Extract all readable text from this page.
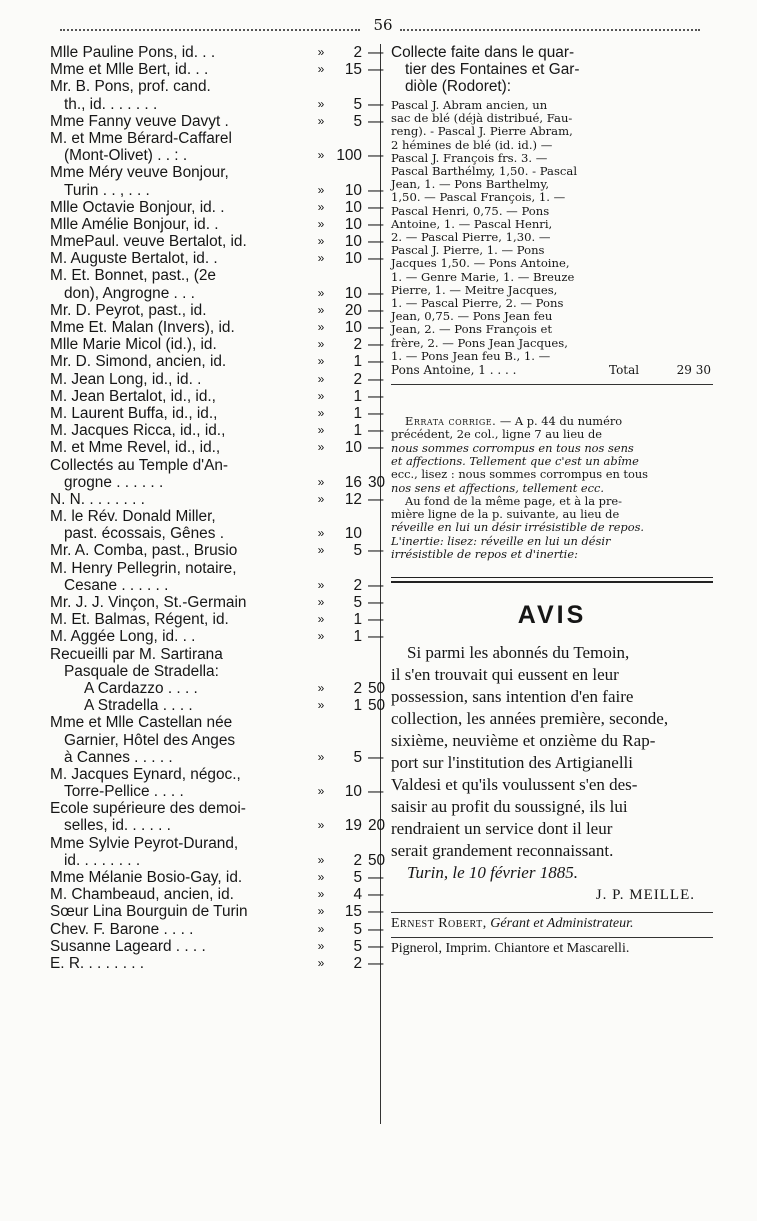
56
Mlle Pauline Pons, id. . .	»	2 —
Mme et Mlle Bert, id. . .	»	15 —
Mr. B. Pons, prof. cand.
th., id. . . . . . .	»	5 —
Mme Fanny veuve Davyt .	»	5 —
M. et Mme Bérard-Caffarel
(Mont-Olivet) . . : .	» 100 —
Mme Méry veuve Bonjour,
Turin . . , . . .	»	10 —
Mlle Octavie Bonjour, id. .	»	10 —
Mlle Amélie Bonjour, id. .	»	10 —
MmePaul. veuve Bertalot, id.	»	10 —
M. Auguste Bertalot, id. .	»	10 —
M. Et. Bonnet, past., (2e
don), Angrogne . . .	»	10 —
Mr. D. Peyrot, past., id.	»	20 —
Mme Et. Malan (Invers), id.	»	10 —
Mlle Marie Micol (id.), id.	»	2 —
Mr. D. Simond, ancien, id.	»	1 —
M. Jean Long, id., id. .	»	2 —
M. Jean Bertalot, id., id.,	»	1 —
M. Laurent Buffa, id., id.,	»	1 —
M. Jacques Ricca, id., id.,	»	1 —
M. et Mme Revel, id., id.,	»	10 —
Collectés au Temple d'An-
grogne . . . . . .	»	16 30
N. N. . . . . . . .	»	12 —
M. le Rév. Donald Miller,
past. écossais, Gênes .	»	10
Mr. A. Comba, past., Brusio	»	5 —
M. Henry Pellegrin, notaire,
Cesane . . . . . .	»	2 —
Mr. J. J. Vinçon, St.-Germain	»	5 —
M. Et. Balmas, Régent, id.	»	1 —
M. Aggée Long, id. . .	»	1 —
Recueilli par M. Sartirana
Pasquale de Stradella:
A Cardazzo . . . .	»	2 50
A Stradella . . . .	»	1 50
Mme et Mlle Castellan née
Garnier, Hôtel des Anges
à Cannes . . . . .	»	5 —
M. Jacques Eynard, négoc.,
Torre-Pellice . . . .	»	10 —
Ecole supérieure des demoi-
selles, id. . . . . .	»	19 20
Mme Sylvie Peyrot-Durand,
id. . . . . . . .	»	2 50
Mme Mélanie Bosio-Gay, id.	»	5 —
M. Chambeaud, ancien, id.	»	4 —
Sœur Lina Bourguin de Turin	»	15 —
Chev. F. Barone . . . .	»	5 —
Susanne Lageard . . . .	»	5 —
E. R. . . . . . . .	»	2 —
Collecte faite dans le quar-
tier des Fontaines et Gar-
diòle (Rodoret):
Pascal J. Abram ancien, un
sac de blé (déjà distribué, Fau-
reng). - Pascal J. Pierre Abram,
2 hémines de blé (id. id.) —
Pascal J. François frs. 3. —
Pascal Barthélmy, 1,50. - Pascal
Jean, 1. — Pons Barthelmy,
1,50. — Pascal François, 1. —
Pascal Henri, 0,75. — Pons
Antoine, 1. — Pascal Henri,
2. — Pascal Pierre, 1,30. —
Pascal J. Pierre, 1. — Pons
Jacques 1,50. — Pons Antoine,
1. — Genre Marie, 1. — Breuze
Pierre, 1. — Meitre Jacques,
1. — Pascal Pierre, 2. — Pons
Jean, 0,75. — Pons Jean feu
Jean, 2. — Pons François et
frère, 2. — Pons Jean Jacques,
1. — Pons Jean feu B., 1. —
Pons Antoine, 1 . . . .	Total	29 30
Errata corrige. — A p. 44 du numéro
précédent, 2e col., ligne 7 au lieu de
nous sommes corrompus en tous nos sens
et affections. Tellement que c'est un abîme
ecc., lisez : nous sommes corrompus en tous
nos sens et affections, tellement ecc.
Au fond de la même page, et à la pre-
mière ligne de la p. suivante, au lieu de
réveille en lui un désir irrésistible de repos.
L'inertie: lisez: réveille en lui un désir
irrésistible de repos et d'inertie:
AVIS
Si parmi les abonnés du Temoin,
il s'en trouvait qui eussent en leur
possession, sans intention d'en faire
collection, les années première, seconde,
sixième, neuvième et onzième du Rap-
port sur l'institution des Artigianelli
Valdesi et qu'ils voulussent s'en des-
saisir au profit du soussigné, ils lui
rendraient un service dont il leur
serait grandement reconnaissant.
Turin, le 10 février 1885.
J. P. MEILLE.
Ernest Robert, Gérant et Administrateur.
Pignerol, Imprim. Chiantore et Mascarelli.
